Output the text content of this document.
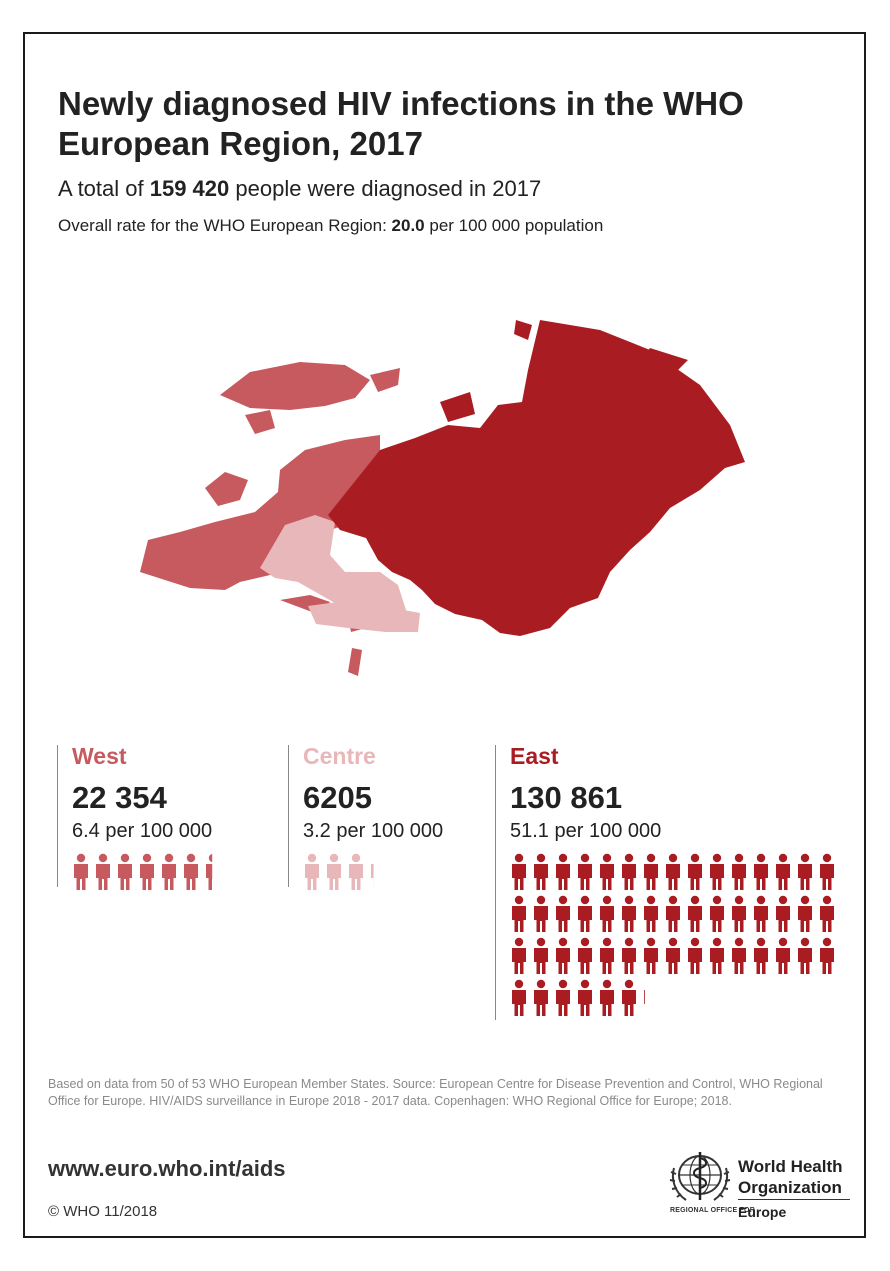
Newly diagnosed HIV infections in the WHO European Region, 2017
A total of 159 420 people were diagnosed in 2017
Overall rate for the WHO European Region: 20.0 per 100 000 population
West
22 354
6.4 per 100 000
Centre
6205
3.2 per 100 000
East
130 861
51.1 per 100 000
Based on data from 50 of 53 WHO European Member States. Source: European Centre for Disease Prevention and Control, WHO Regional Office for Europe. HIV/AIDS surveillance in Europe 2018 - 2017 data. Copenhagen: WHO Regional Office for Europe; 2018.
www.euro.who.int/aids
© WHO 11/2018
World Health
Organization
REGIONAL OFFICE FOR
Europe
